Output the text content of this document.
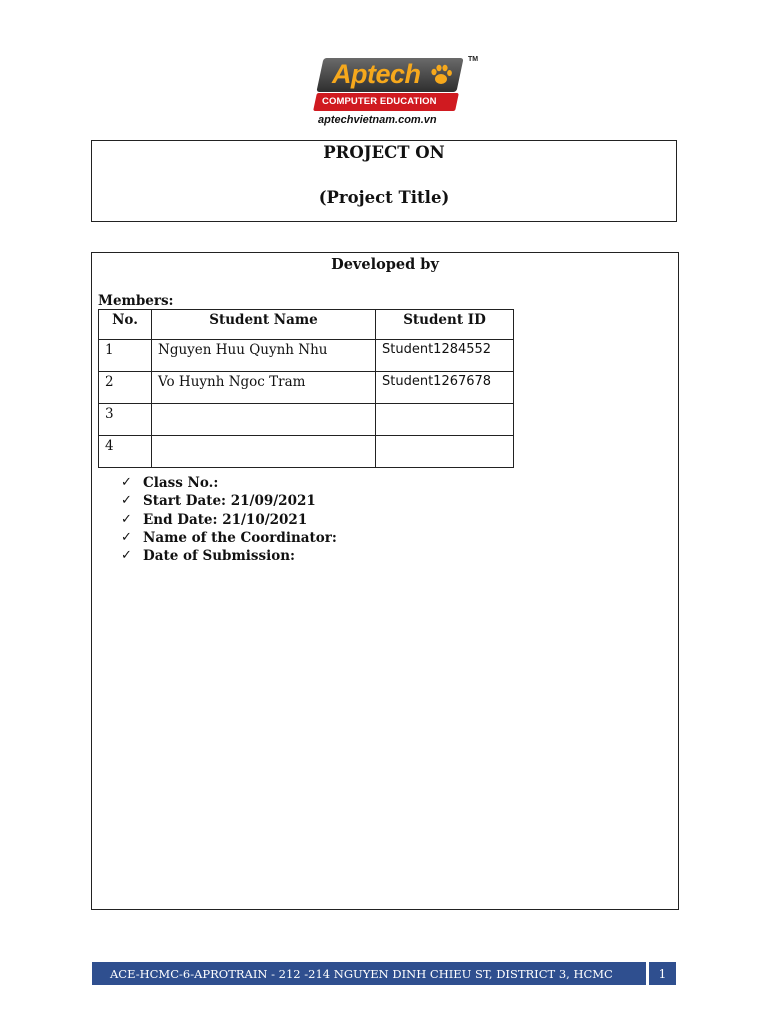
Aptech	TM
COMPUTER EDUCATION
aptechvietnam.com.vn
PROJECT ON
(Project Title)
Developed by
Members:
No.	Student Name	Student ID
1	Nguyen Huu Quynh Nhu	Student1284552
2	Vo Huynh Ngoc Tram	Student1267678
3		
4		
✓ Class No.:
✓ Start Date: 21/09/2021
✓ End Date: 21/10/2021
✓ Name of the Coordinator:
✓ Date of Submission:
ACE-HCMC-6-APROTRAIN - 212 -214 NGUYEN DINH CHIEU ST, DISTRICT 3, HCMC	1
